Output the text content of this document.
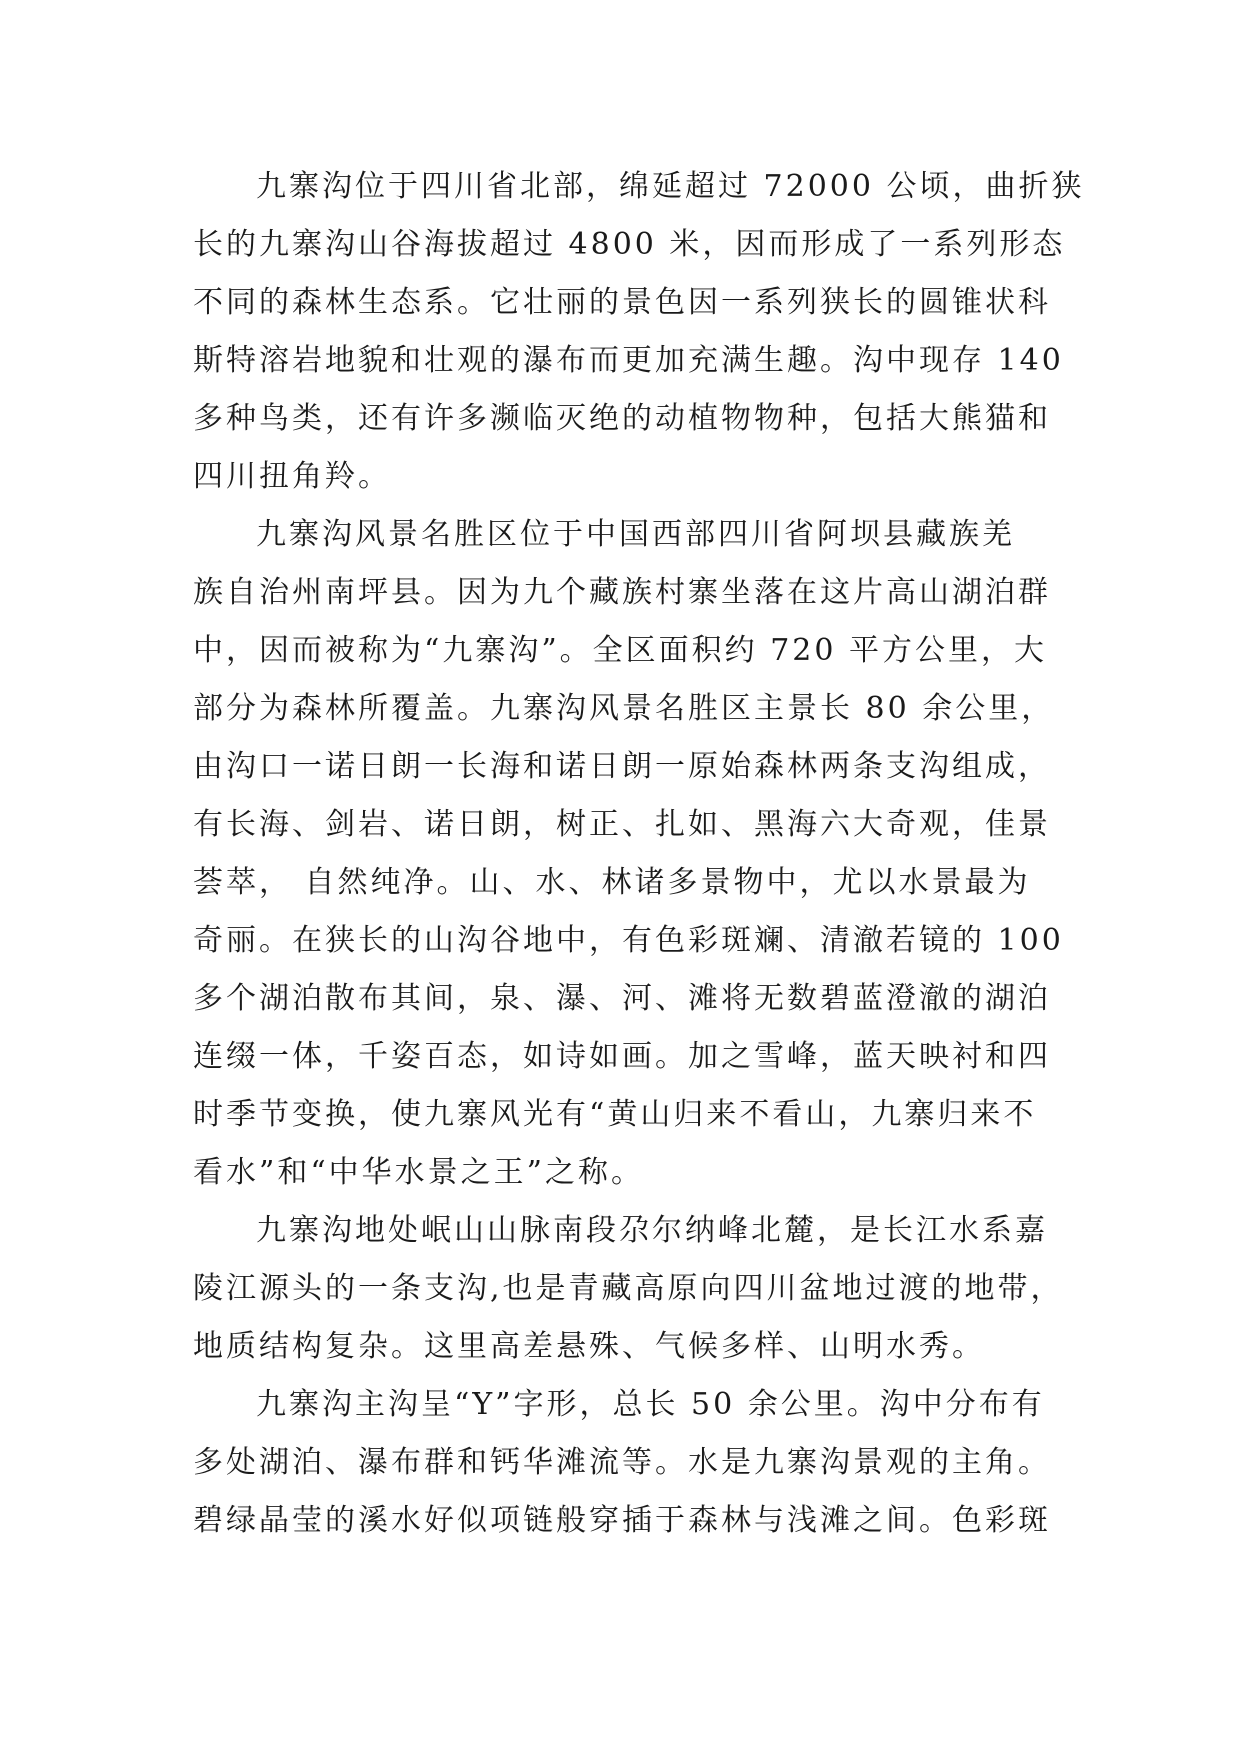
九寨沟位于四川省北部，绵延超过 72000 公顷，曲折狭
长的九寨沟山谷海拔超过 4800 米，因而形成了一系列形态
不同的森林生态系。它壮丽的景色因一系列狭长的圆锥状科
斯特溶岩地貌和壮观的瀑布而更加充满生趣。沟中现存 140
多种鸟类，还有许多濒临灭绝的动植物物种，包括大熊猫和
四川扭角羚。
九寨沟风景名胜区位于中国西部四川省阿坝县藏族羌
族自治州南坪县。因为九个藏族村寨坐落在这片高山湖泊群
中，因而被称为“九寨沟”。全区面积约 720 平方公里，大
部分为森林所覆盖。九寨沟风景名胜区主景长 80 余公里，
由沟口一诺日朗一长海和诺日朗一原始森林两条支沟组成，
有长海、剑岩、诺日朗，树正、扎如、黑海六大奇观，佳景
荟萃， 自然纯净。山、水、林诸多景物中，尤以水景最为
奇丽。在狭长的山沟谷地中，有色彩斑斓、清澈若镜的 100
多个湖泊散布其间，泉、瀑、河、滩将无数碧蓝澄澈的湖泊
连缀一体，千姿百态，如诗如画。加之雪峰，蓝天映衬和四
时季节变换，使九寨风光有“黄山归来不看山，九寨归来不
看水”和“中华水景之王”之称。
九寨沟地处岷山山脉南段尕尔纳峰北麓，是长江水系嘉
陵江源头的一条支沟,也是青藏高原向四川盆地过渡的地带，
地质结构复杂。这里高差悬殊、气候多样、山明水秀。
九寨沟主沟呈“Y”字形，总长 50 余公里。沟中分布有
多处湖泊、瀑布群和钙华滩流等。水是九寨沟景观的主角。
碧绿晶莹的溪水好似项链般穿插于森林与浅滩之间。色彩斑
